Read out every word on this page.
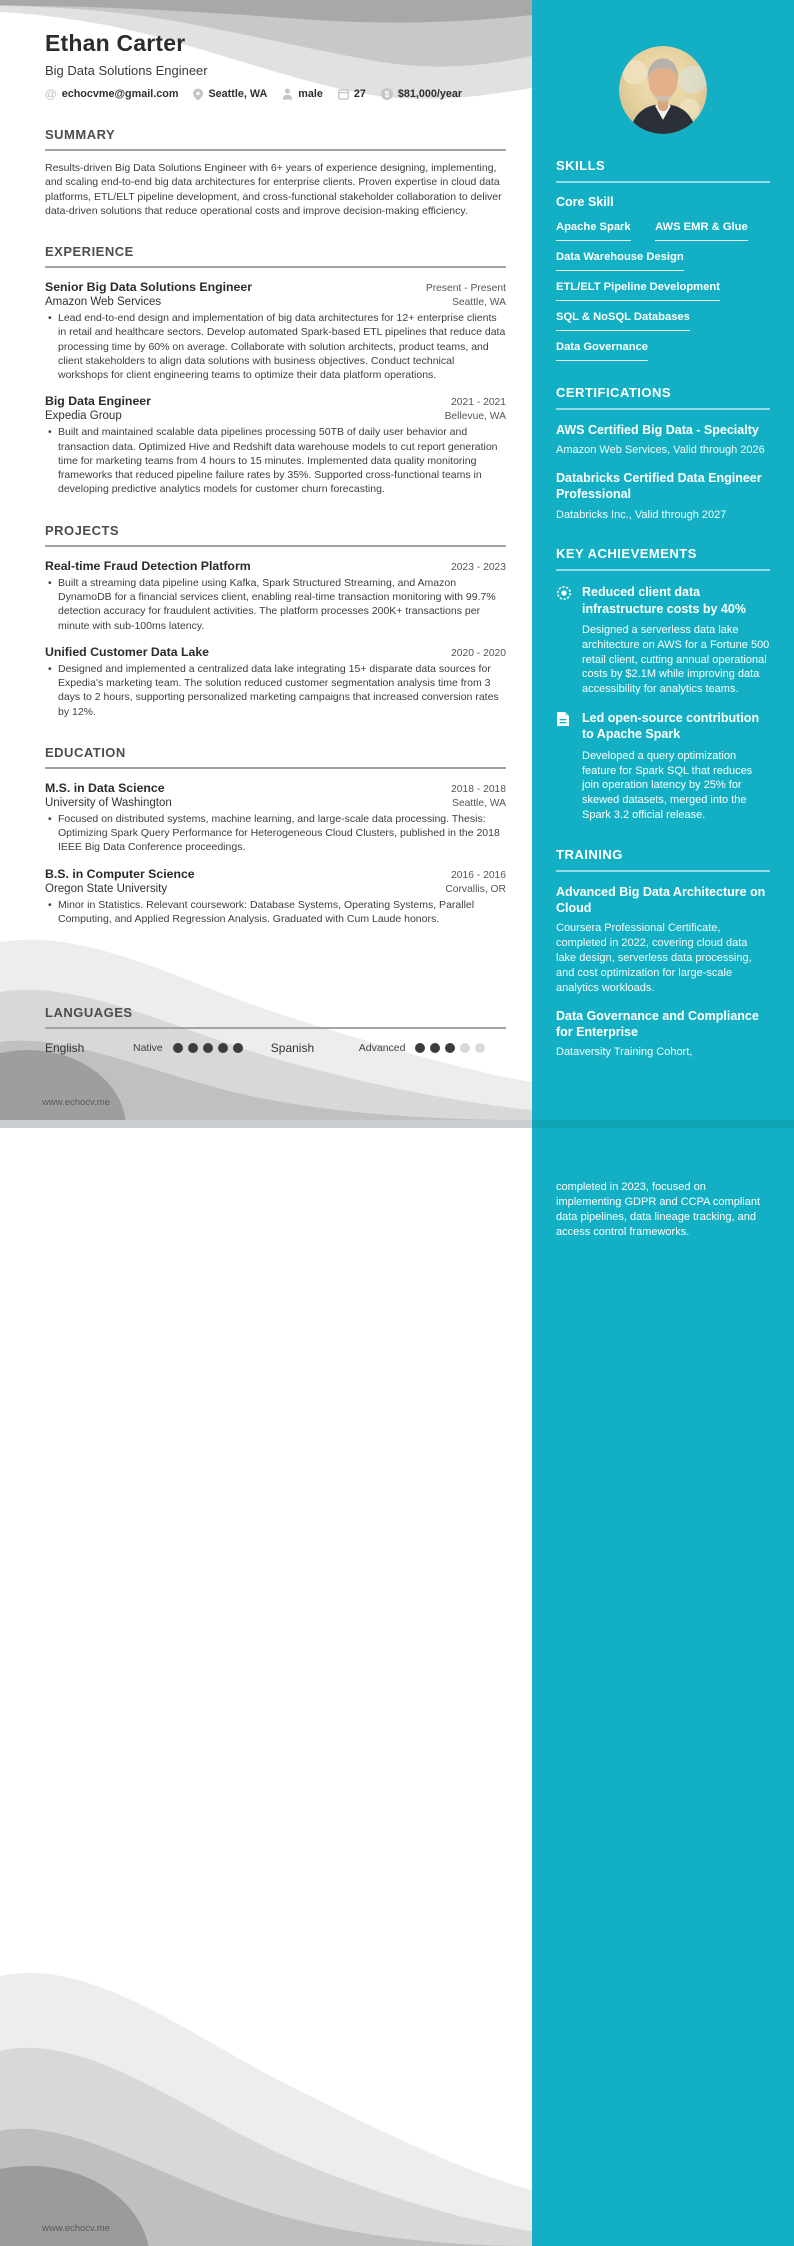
SKILLS
Core Skill
Apache Spark AWS EMR & Glue Data Warehouse Design ETL/ELT Pipeline Development SQL & NoSQL Databases Data Governance
CERTIFICATIONS
AWS Certified Big Data - Specialty
Amazon Web Services, Valid through 2026
Databricks Certified Data Engineer Professional
Databricks Inc., Valid through 2027
KEY ACHIEVEMENTS
Reduced client data infrastructure costs by 40%
Designed a serverless data lake architecture on AWS for a Fortune 500 retail client, cutting annual operational costs by $2.1M while improving data accessibility for analytics teams.
Led open-source contribution to Apache Spark
Developed a query optimization feature for Spark SQL that reduces join operation latency by 25% for skewed datasets, merged into the Spark 3.2 official release.
TRAINING
Advanced Big Data Architecture on Cloud
Coursera Professional Certificate, completed in 2022, covering cloud data lake design, serverless data processing, and cost optimization for large-scale analytics workloads.
Data Governance and Compliance for Enterprise
Dataversity Training Cohort,
completed in 2023, focused on implementing GDPR and CCPA compliant data pipelines, data lineage tracking, and access control frameworks.
Ethan Carter
Big Data Solutions Engineer
@ echocvme@gmail.com	Seattle, WA	male	27 $ $81,000/year
SUMMARY
Results-driven Big Data Solutions Engineer with 6+ years of experience designing, implementing, and scaling end-to-end big data architectures for enterprise clients. Proven expertise in cloud data platforms, ETL/ELT pipeline development, and cross-functional stakeholder collaboration to deliver data-driven solutions that reduce operational costs and improve decision-making efficiency.
EXPERIENCE
Senior Big Data Solutions Engineer	Present - Present
Amazon Web Services	Seattle, WA
• Lead end-to-end design and implementation of big data architectures for 12+ enterprise clients in retail and healthcare sectors. Develop automated Spark-based ETL pipelines that reduce data processing time by 60% on average. Collaborate with solution architects, product teams, and client stakeholders to align data solutions with business objectives. Conduct technical workshops for client engineering teams to optimize their data platform operations.
Big Data Engineer	2021 - 2021
Expedia Group	Bellevue, WA
• Built and maintained scalable data pipelines processing 50TB of daily user behavior and transaction data. Optimized Hive and Redshift data warehouse models to cut report generation time for marketing teams from 4 hours to 15 minutes. Implemented data quality monitoring frameworks that reduced pipeline failure rates by 35%. Supported cross-functional teams in developing predictive analytics models for customer churn forecasting.
PROJECTS
Real-time Fraud Detection Platform	2023 - 2023
• Built a streaming data pipeline using Kafka, Spark Structured Streaming, and Amazon DynamoDB for a financial services client, enabling real-time transaction monitoring with 99.7% detection accuracy for fraudulent activities. The platform processes 200K+ transactions per minute with sub-100ms latency.
Unified Customer Data Lake	2020 - 2020
• Designed and implemented a centralized data lake integrating 15+ disparate data sources for Expedia's marketing team. The solution reduced customer segmentation analysis time from 3 days to 2 hours, supporting personalized marketing campaigns that increased conversion rates by 12%.
EDUCATION
M.S. in Data Science	2018 - 2018
University of Washington	Seattle, WA
• Focused on distributed systems, machine learning, and large-scale data processing. Thesis: Optimizing Spark Query Performance for Heterogeneous Cloud Clusters, published in the 2018 IEEE Big Data Conference proceedings.
B.S. in Computer Science	2016 - 2016
Oregon State University	Corvallis, OR
• Minor in Statistics. Relevant coursework: Database Systems, Operating Systems, Parallel Computing, and Applied Regression Analysis. Graduated with Cum Laude honors.
LANGUAGES
English	Native	Spanish	Advanced
www.echocv.me
www.echocv.me
